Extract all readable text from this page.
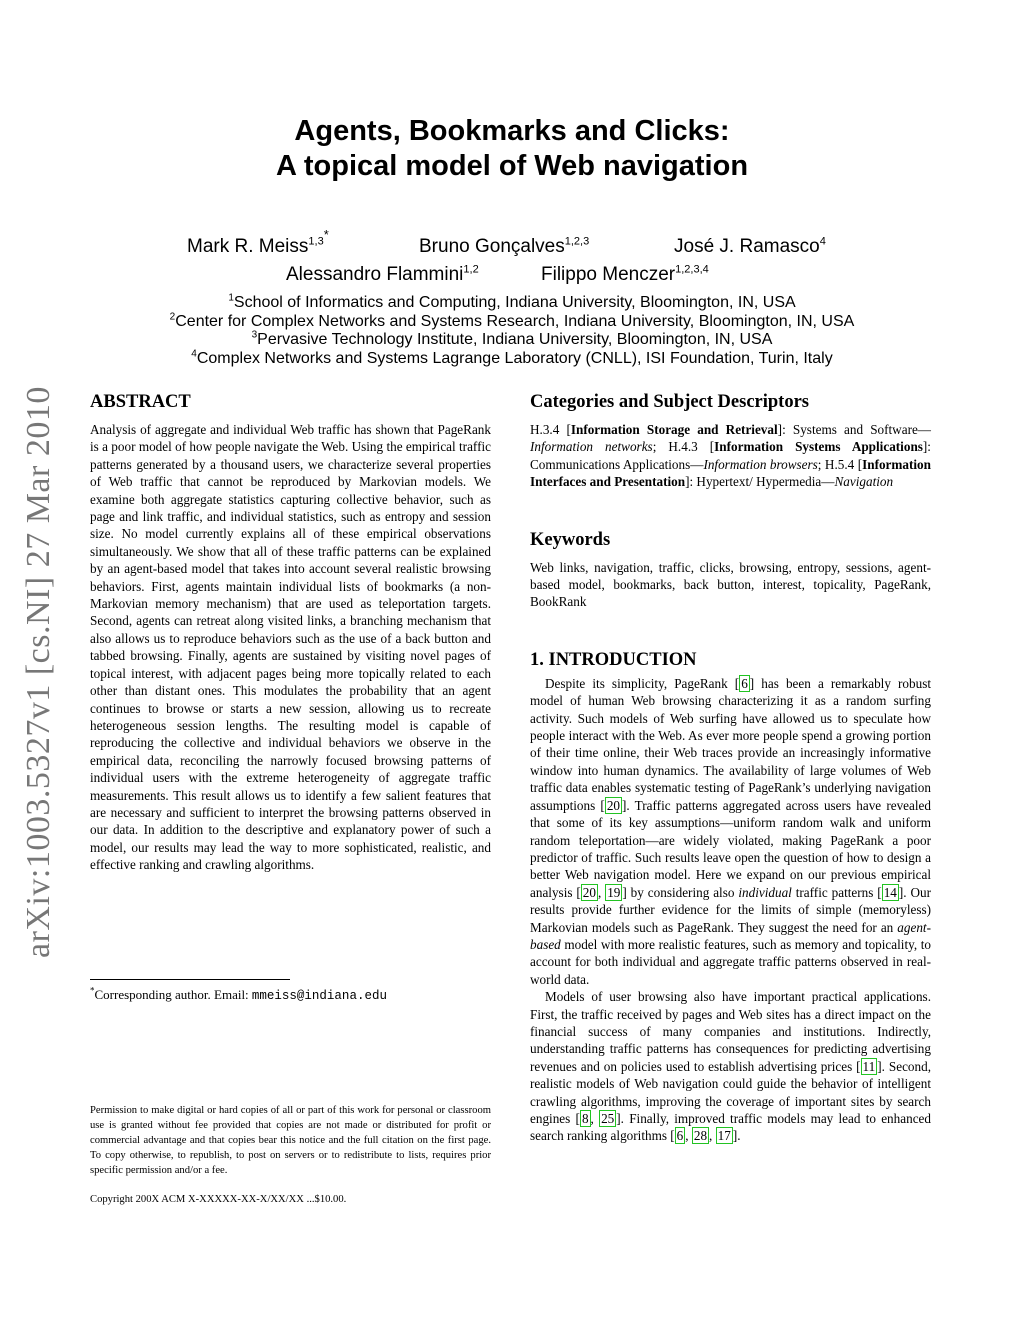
arXiv:1003.5327v1 [cs.NI] 27 Mar 2010
Agents, Bookmarks and Clicks:
A topical model of Web navigation
Mark R. Meiss$^{1,3*}$
Bruno Gonçalves$^{1,2,3}$	José J. Ramasco$^4$
Alessandro Flammini$^{1,2}$	Filippo Menczer$^{1,2,3,4}$
$^1$School of Informatics and Computing, Indiana University, Bloomington, IN, USA
$^2$Center for Complex Networks and Systems Research, Indiana University, Bloomington, IN, USA
$^3$Pervasive Technology Institute, Indiana University, Bloomington, IN, USA
$^4$Complex Networks and Systems Lagrange Laboratory (CNLL), ISI Foundation, Turin, Italy
ABSTRACT

Analysis of aggregate and individual Web traffic has shown that PageRank is a poor model of how people navigate the Web. Using the empirical traffic patterns generated by a thousand users, we characterize several properties of Web traffic that cannot be reproduced by Markovian models. We examine both aggregate statistics capturing collective behavior, such as page and link traffic, and individual statistics, such as entropy and session size. No model currently explains all of these empirical observations simultaneously. We show that all of these traffic patterns can be explained by an agent-based model that takes into account several realistic browsing behaviors. First, agents maintain individual lists of bookmarks (a non-Markovian memory mechanism) that are used as teleportation targets. Second, agents can retreat along visited links, a branching mechanism that also allows us to reproduce behaviors such as the use of a back button and tabbed browsing. Finally, agents are sustained by visiting novel pages of topical interest, with adjacent pages being more topically related to each other than distant ones. This modulates the probability that an agent continues to browse or starts a new session, allowing us to recreate heterogeneous session lengths. The resulting model is capable of reproducing the collective and individual behaviors we observe in the empirical data, reconciling the narrowly focused browsing patterns of individual users with the extreme heterogeneity of aggregate traffic measurements. This result allows us to identify a few salient features that are necessary and sufficient to interpret the browsing patterns observed in our data. In addition to the descriptive and explanatory power of such a model, our results may lead the way to more sophisticated, realistic, and effective ranking and crawling algorithms.

*Corresponding author. Email: mmeiss@indiana.edu
Permission to make digital or hard copies of all or part of this work for personal or classroom use is granted without fee provided that copies are not made or distributed for profit or commercial advantage and that copies bear this notice and the full citation on the first page. To copy otherwise, to republish, to post on servers or to redistribute to lists, requires prior specific permission and/or a fee.
Copyright 200X ACM X-XXXXX-XX-X/XX/XX ...$10.00.
Categories and Subject Descriptors

H.3.4 [Information Storage and Retrieval]: Systems and Software—Information networks; H.4.3 [Information Systems Applications]: Communications Applications—Information browsers; H.5.4 [Information Interfaces and Presentation]: Hypertext/ Hypermedia—Navigation

Keywords

Web links, navigation, traffic, clicks, browsing, entropy, sessions, agent-based model, bookmarks, back button, interest, topicality, PageRank, BookRank

1. INTRODUCTION

Despite its simplicity, PageRank [ 6 ] has been a remarkably robust model of human Web browsing characterizing it as a random surfing activity. Such models of Web surfing have allowed us to speculate how people interact with the Web. As ever more people spend a growing portion of their time online, their Web traces provide an increasingly informative window into human dynamics. The availability of large volumes of Web traffic data enables systematic testing of PageRank’s underlying navigation assumptions [ 20 ]. Traffic patterns aggregated across users have revealed that some of its key assumptions—uniform random walk and uniform random teleportation—are widely violated, making PageRank a poor predictor of traffic. Such results leave open the question of how to design a better Web navigation model. Here we expand on our previous empirical analysis [ 20 , 19 ] by considering also individual traffic patterns [ 14 ]. Our results provide further evidence for the limits of simple (memoryless) Markovian models such as PageRank. They suggest the need for an agent-based model with more realistic features, such as memory and topicality, to account for both individual and aggregate traffic patterns observed in real-world data.

Models of user browsing also have important practical applications. First, the traffic received by pages and Web sites has a direct impact on the financial success of many companies and institutions. Indirectly, understanding traffic patterns has consequences for predicting advertising revenues and on policies used to establish advertising prices [ 11 ]. Second, realistic models of Web navigation could guide the behavior of intelligent crawling algorithms, improving the coverage of important sites by search engines [ 8 , 25 ]. Finally, improved traffic models may lead to enhanced search ranking algorithms [ 6 , 28 , 17 ].
